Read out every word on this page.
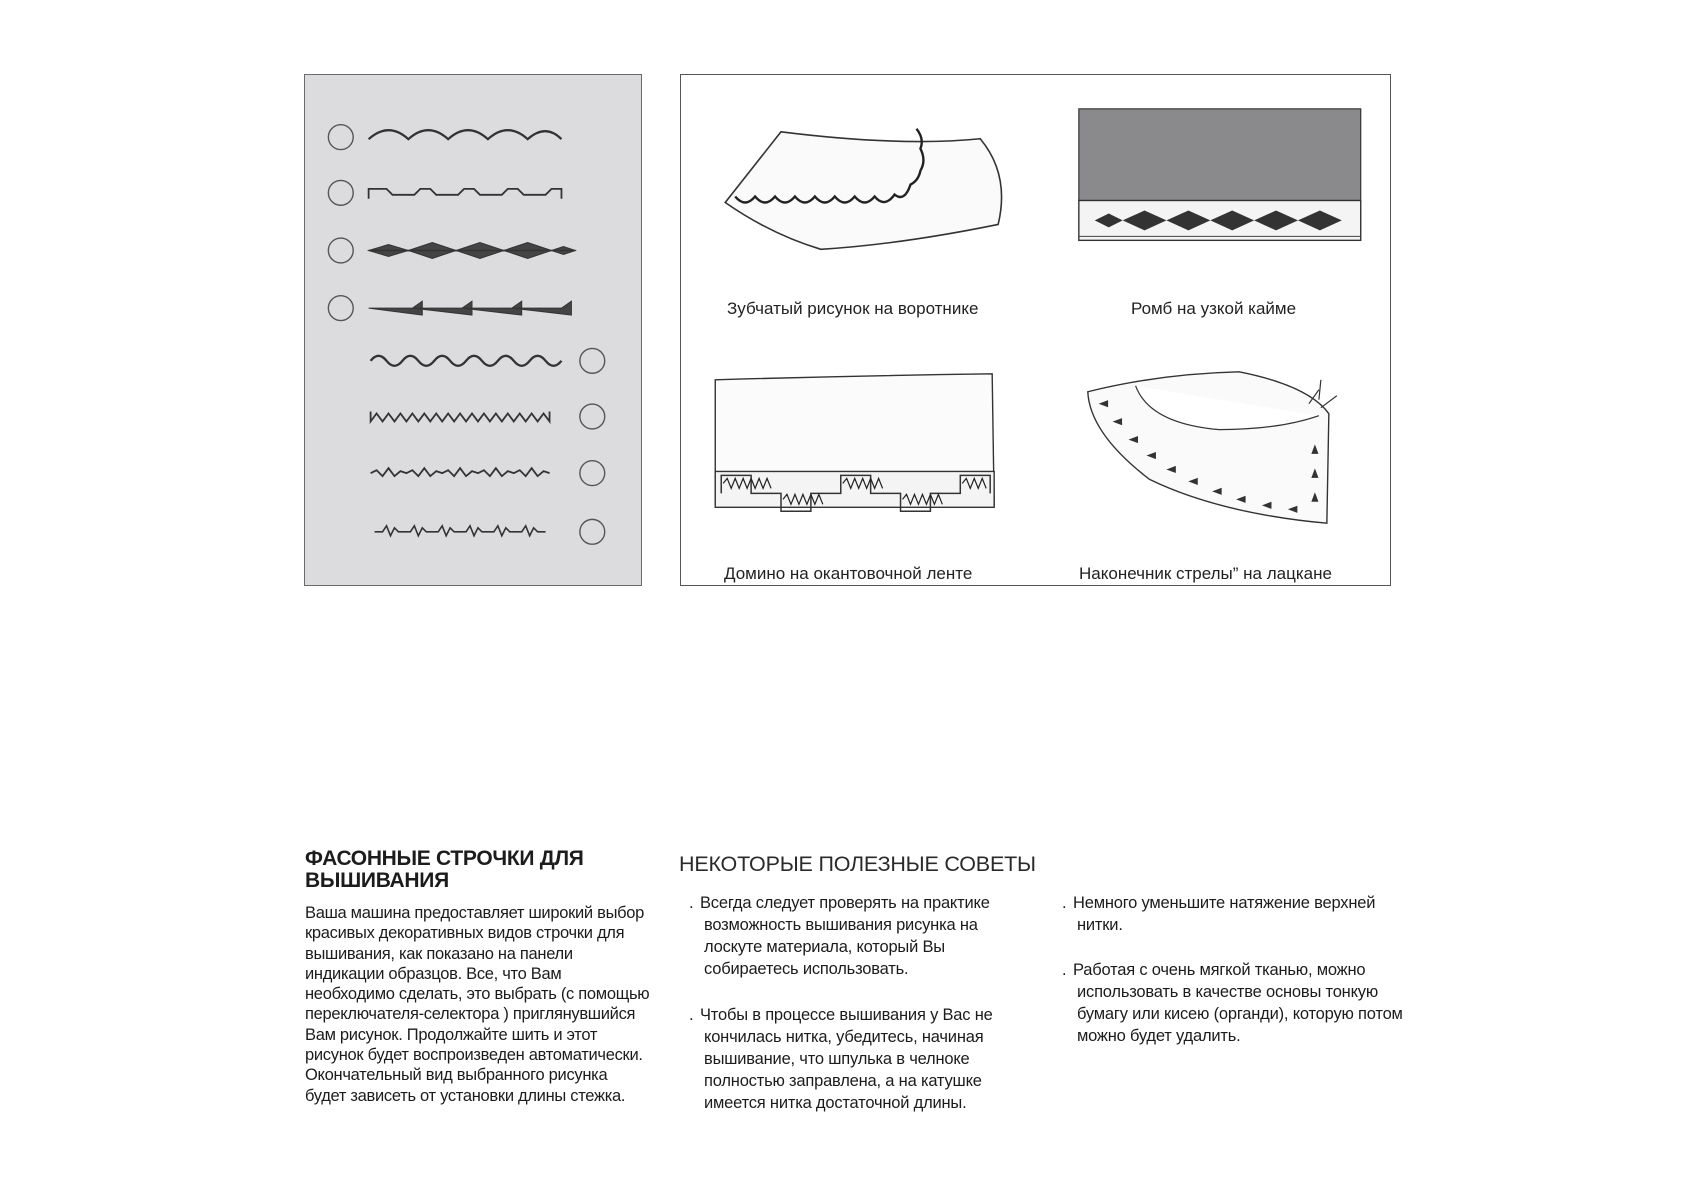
Зубчатый рисунок на воротнике	Ромб на узкой кайме
Домино на окантовочной ленте	Наконечник стрелы” на лацкане
ФАСОННЫЕ СТРОЧКИ ДЛЯ ВЫШИВАНИЯ
Ваша машина предоставляет широкий выбор красивых декоративных видов строчки для вышивания, как показано на панели индикации образцов. Все, что Вам необходимо сделать, это выбрать (с помощью переключателя-селектора ) приглянувшийся Вам рисунок. Продолжайте шить и этот рисунок будет воспроизведен автоматически. Окончательный вид выбранного рисунка будет зависеть от установки длины стежка.
НЕКОТОРЫЕ ПОЛЕЗНЫЕ СОВЕТЫ
. Всегда следует проверять на практике возможность вышивания рисунка на лоскуте материала, который Вы собираетесь использовать.

. Чтобы в процессе вышивания у Вас не кончилась нитка, убедитесь, начиная вышивание, что шпулька в челноке полностью заправлена, а на катушке имеется нитка достаточной длины.

. Немного уменьшите натяжение верхней нитки.

. Работая с очень мягкой тканью, можно использовать в качестве основы тонкую бумагу или кисею (органди), которую потом можно будет удалить.
